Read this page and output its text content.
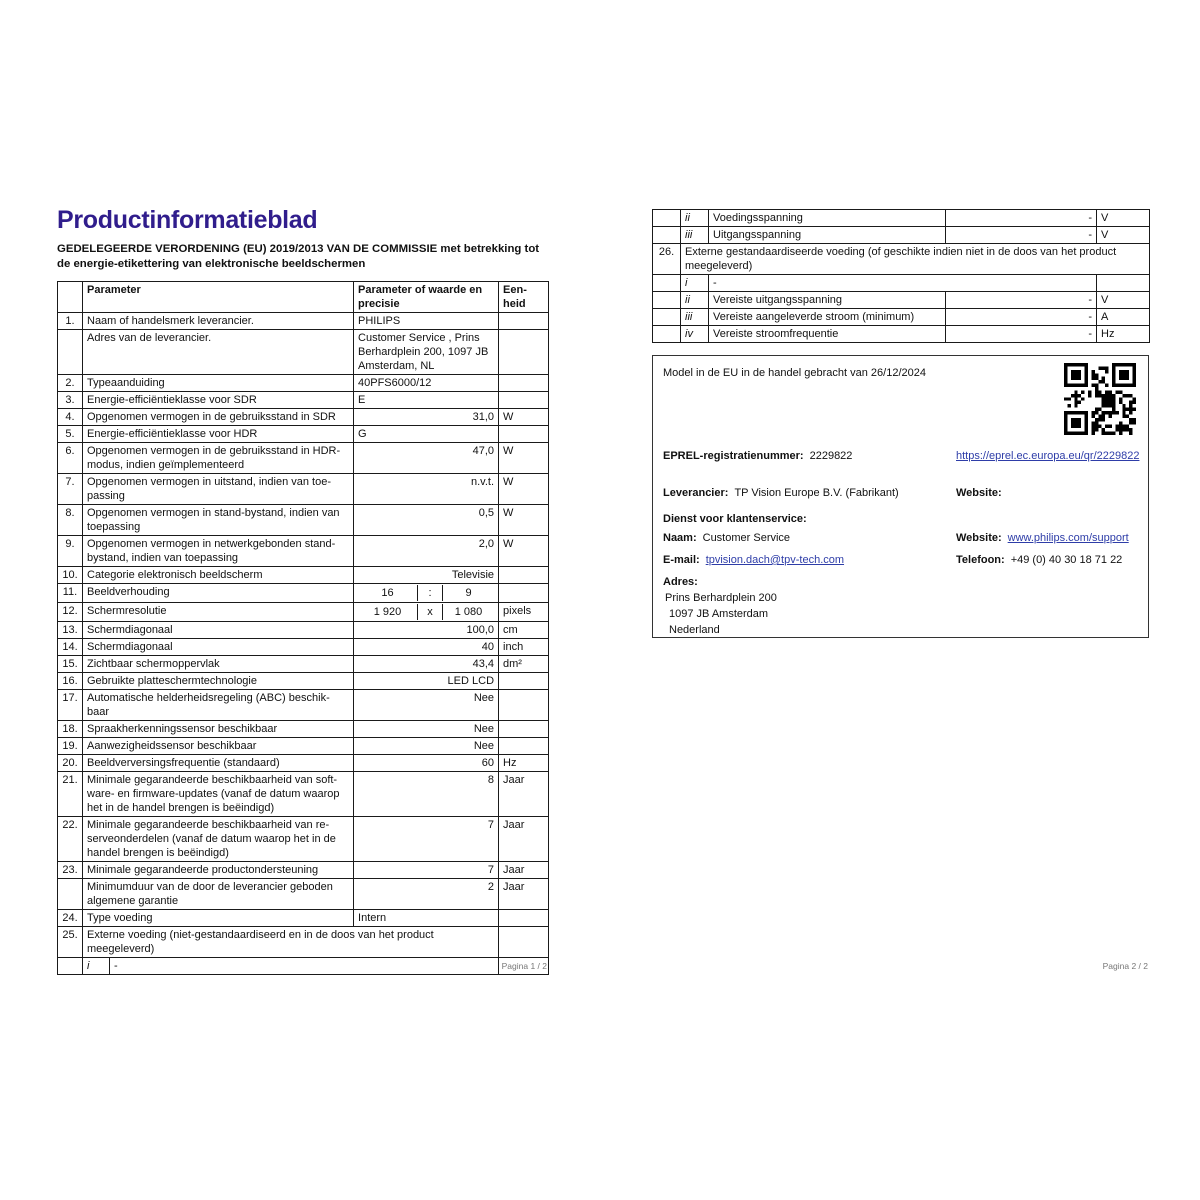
Productinformatieblad
GEDELEGEERDE VERORDENING (EU) 2019/2013 VAN DE COMMISSIE met betrekking tot de energie-etikettering van elektronische beeldschermen
	Parameter		Parameter of waarde en precisie	Een-heid
1.	Naam of handelsmerk leverancier.		PHILIPS	
	Adres van de leverancier.		Customer Service , Prins Berhardplein 200, 1097 JB Amsterdam, NL	
2.	Typeaanduiding		40PFS6000/12	
3.	Energie-efficiëntieklasse voor SDR		E	
4.	Opgenomen vermogen in de gebruiksstand in SDR		31,0	W
5.	Energie-efficiëntieklasse voor HDR		G	
6.	Opgenomen vermogen in de gebruiksstand in HDR-modus, indien geïmplementeerd		47,0	W
7.	Opgenomen vermogen in uitstand, indien van toe-passing		n.v.t.	W
8.	Opgenomen vermogen in stand-bystand, indien van toepassing		0,5	W
9.	Opgenomen vermogen in netwerkgebonden stand-bystand, indien van toepassing		2,0	W
10.	Categorie elektronisch beeldscherm		Televisie	
11.	Beeldverhouding		16 : 9	

12.	Schermresolutie		1 920 x 1 080	pixels
13.	Schermdiagonaal		100,0	cm
14.	Schermdiagonaal		40	inch
15.	Zichtbaar schermoppervlak		43,4	dm²
16.	Gebruikte platteschermtechnologie		LED LCD	
17.	Automatische helderheidsregeling (ABC) beschik-baar		Nee	
18.	Spraakherkenningssensor beschikbaar		Nee	
19.	Aanwezigheidssensor beschikbaar		Nee	
20.	Beeldverversingsfrequentie (standaard)		60	Hz
21.	Minimale gegarandeerde beschikbaarheid van soft-ware- en firmware-updates (vanaf de datum waarop het in de handel brengen is beëindigd)		8	Jaar
22.	Minimale gegarandeerde beschikbaarheid van re-serveonderdelen (vanaf de datum waarop het in de handel brengen is beëindigd)		7	Jaar
23.	Minimale gegarandeerde productondersteuning		7	Jaar
	Minimumduur van de door de leverancier geboden algemene garantie		2	Jaar
24.	Type voeding		Intern	
25.	Externe voeding (niet-gestandaardiseerd en in de doos van het product meegeleverd)			
	i	-		
	ii	Voedingsspanning	-	V
	iii	Uitgangsspanning	-	V
26.	Externe gestandaardiseerde voeding (of geschikte indien niet in de doos van het product meegeleverd)			
	i	-		
	ii	Vereiste uitgangsspanning	-	V
	iii	Vereiste aangeleverde stroom (minimum)	-	A
	iv	Vereiste stroomfrequentie	-	Hz
Model in de EU in de handel gebracht van 26/12/2024
EPREL-registratienummer: 2229822	https://eprel.ec.europa.eu/qr/2229822
Leverancier: TP Vision Europe B.V. (Fabrikant)	Website:
Dienst voor klantenservice:
Naam: Customer Service	Website: www.philips.com/support
E-mail: tpvision.dach@tpv-tech.com	Telefoon: +49 (0) 40 30 18 71 22
Adres:
Prins Berhardplein 200
1097 JB Amsterdam
Nederland
Pagina 1 / 2	Pagina 2 / 2
